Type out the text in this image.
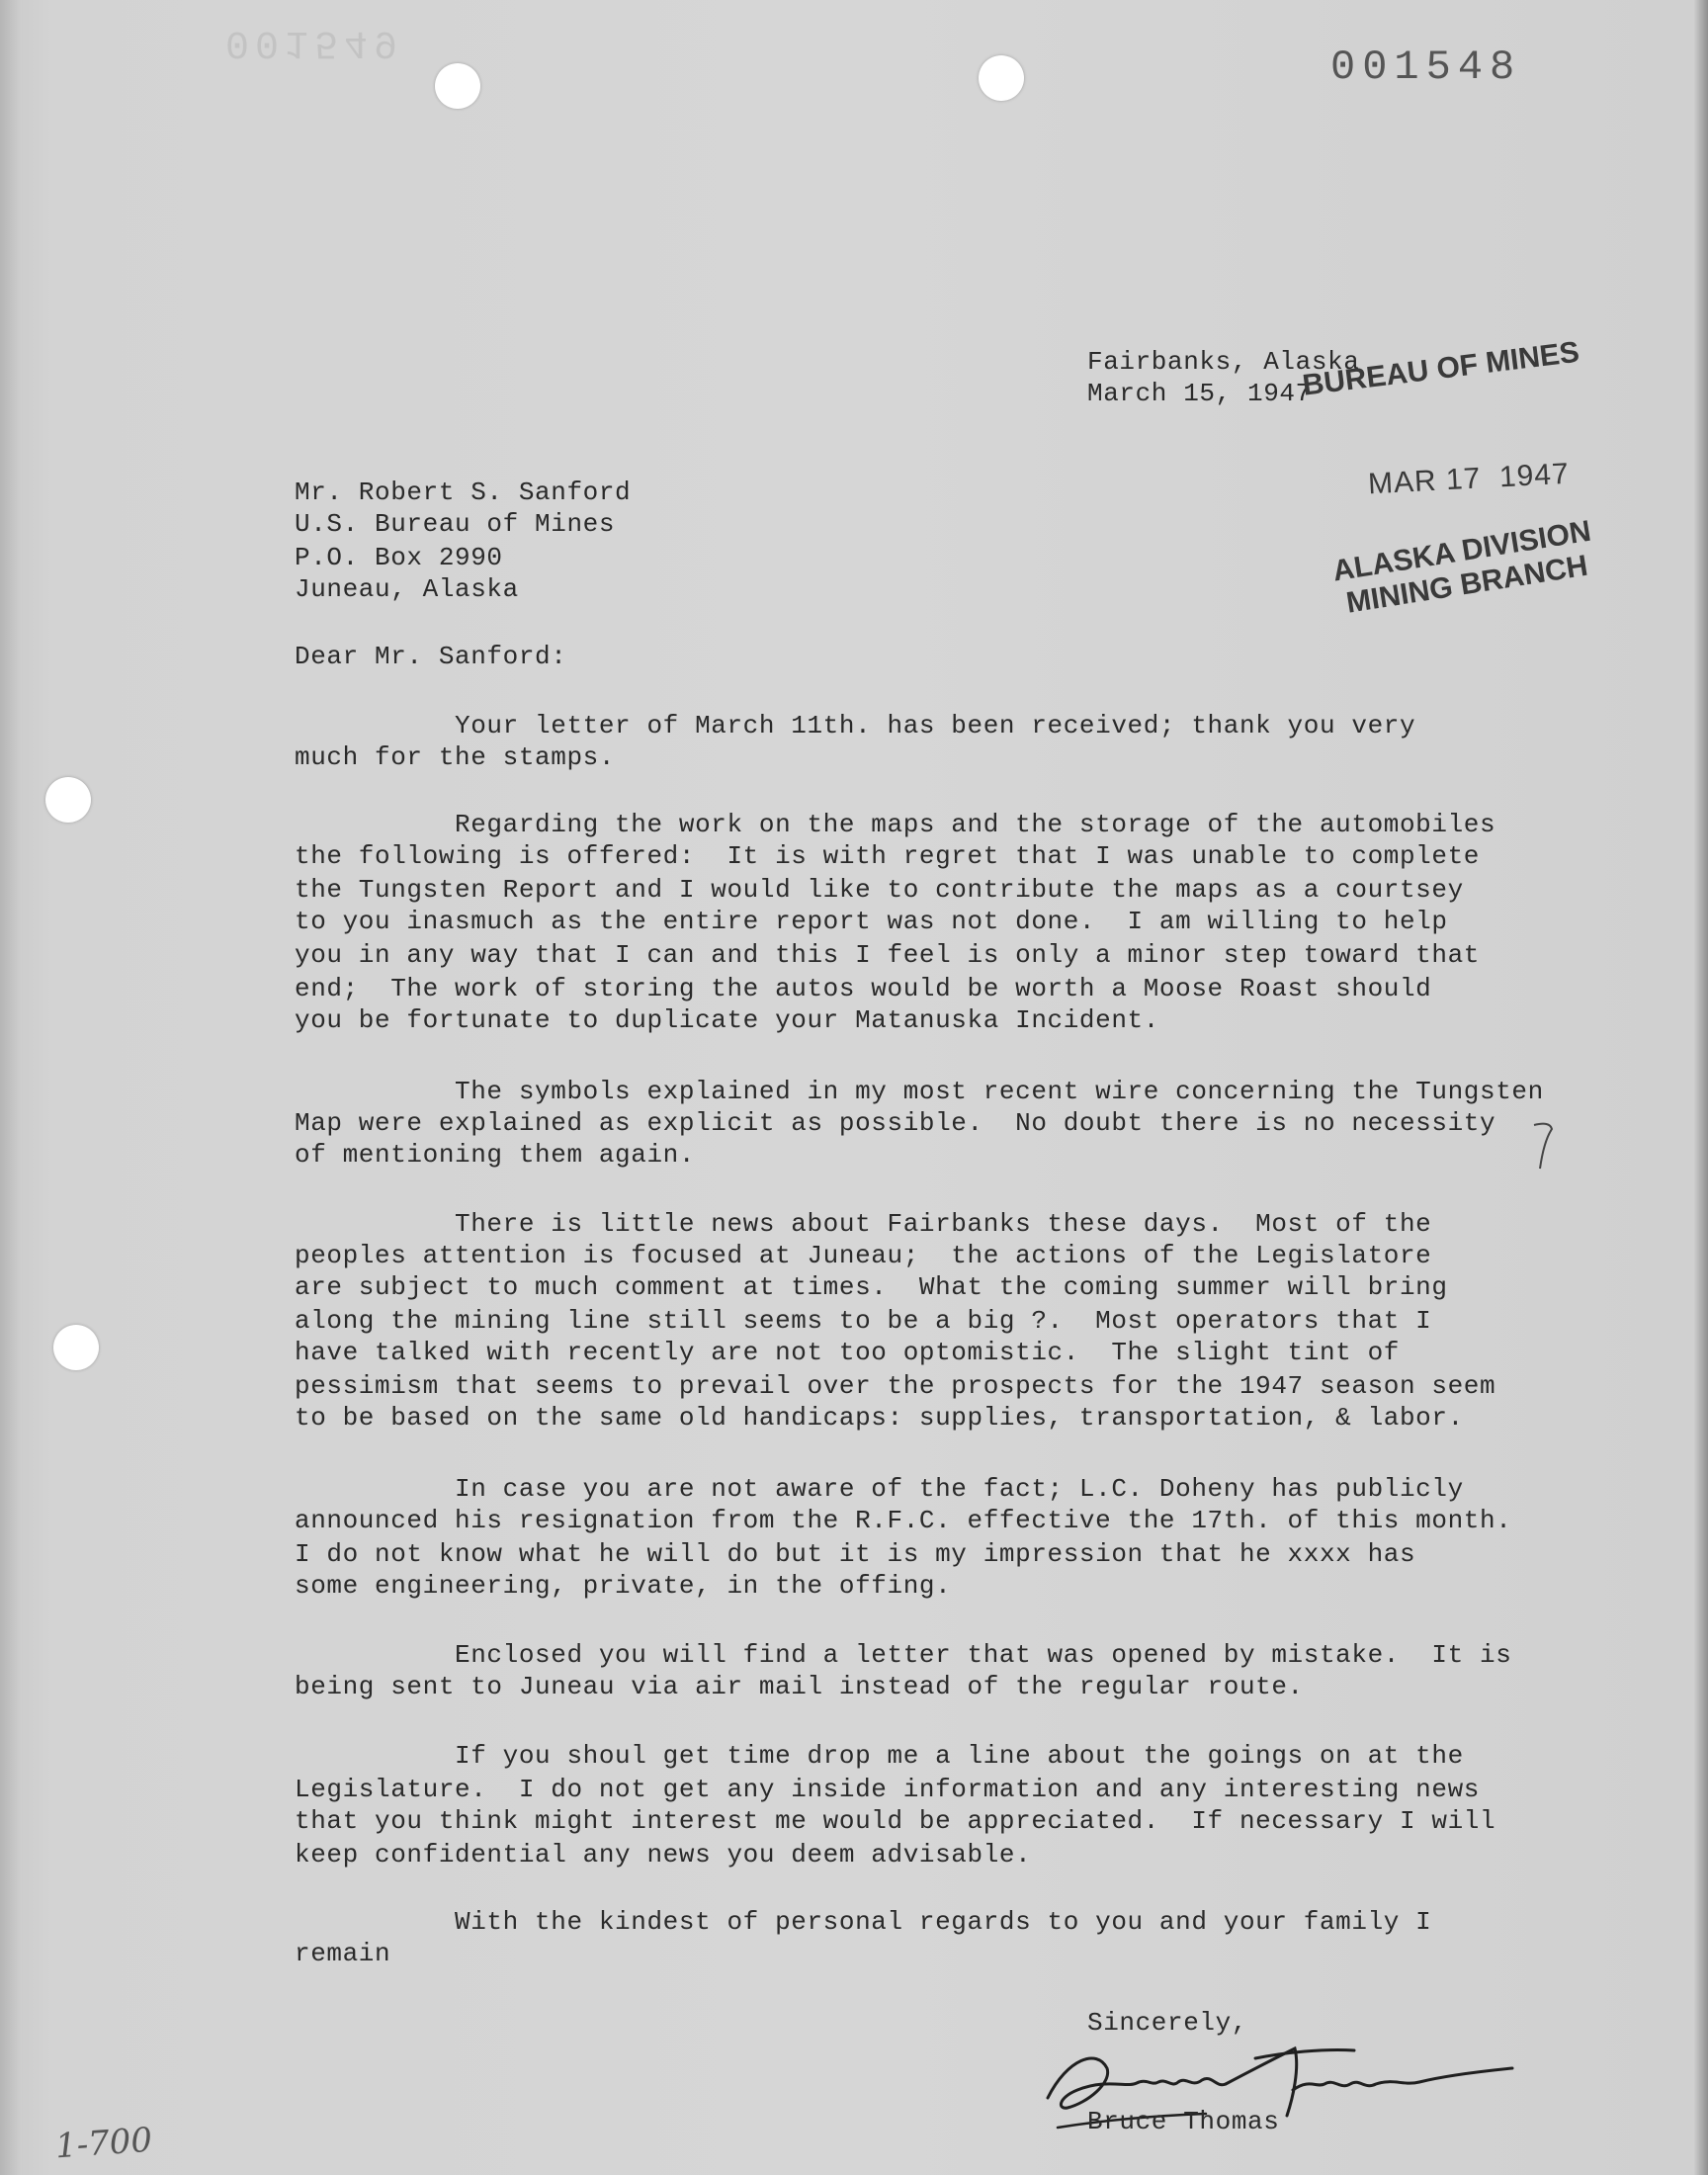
001549
001548
Fairbanks, Alaska
March 15, 1947
BUREAU OF MINES
MAR 17  1947
ALASKA DIVISION
MINING BRANCH
Mr. Robert S. Sanford
U.S. Bureau of Mines
P.O. Box 2990
Juneau, Alaska
Dear Mr. Sanford:
Your letter of March 11th. has been received; thank you very
much for the stamps.
Regarding the work on the maps and the storage of the automobiles
the following is offered:  It is with regret that I was unable to complete
the Tungsten Report and I would like to contribute the maps as a courtsey
to you inasmuch as the entire report was not done.  I am willing to help
you in any way that I can and this I feel is only a minor step toward that
end;  The work of storing the autos would be worth a Moose Roast should
you be fortunate to duplicate your Matanuska Incident.
The symbols explained in my most recent wire concerning the Tungsten
Map were explained as explicit as possible.  No doubt there is no necessity
of mentioning them again.
There is little news about Fairbanks these days.  Most of the
peoples attention is focused at Juneau;  the actions of the Legislatore
are subject to much comment at times.  What the coming summer will bring
along the mining line still seems to be a big ?.  Most operators that I
have talked with recently are not too optomistic.  The slight tint of
pessimism that seems to prevail over the prospects for the 1947 season seem
to be based on the same old handicaps: supplies, transportation, & labor.
In case you are not aware of the fact; L.C. Doheny has publicly
announced his resignation from the R.F.C. effective the 17th. of this month.
I do not know what he will do but it is my impression that he xxxx has
some engineering, private, in the offing.
Enclosed you will find a letter that was opened by mistake.  It is
being sent to Juneau via air mail instead of the regular route.
If you shoul get time drop me a line about the goings on at the
Legislature.  I do not get any inside information and any interesting news
that you think might interest me would be appreciated.  If necessary I will
keep confidential any news you deem advisable.
With the kindest of personal regards to you and your family I
remain
Sincerely,
Bruce Thomas
1-700
